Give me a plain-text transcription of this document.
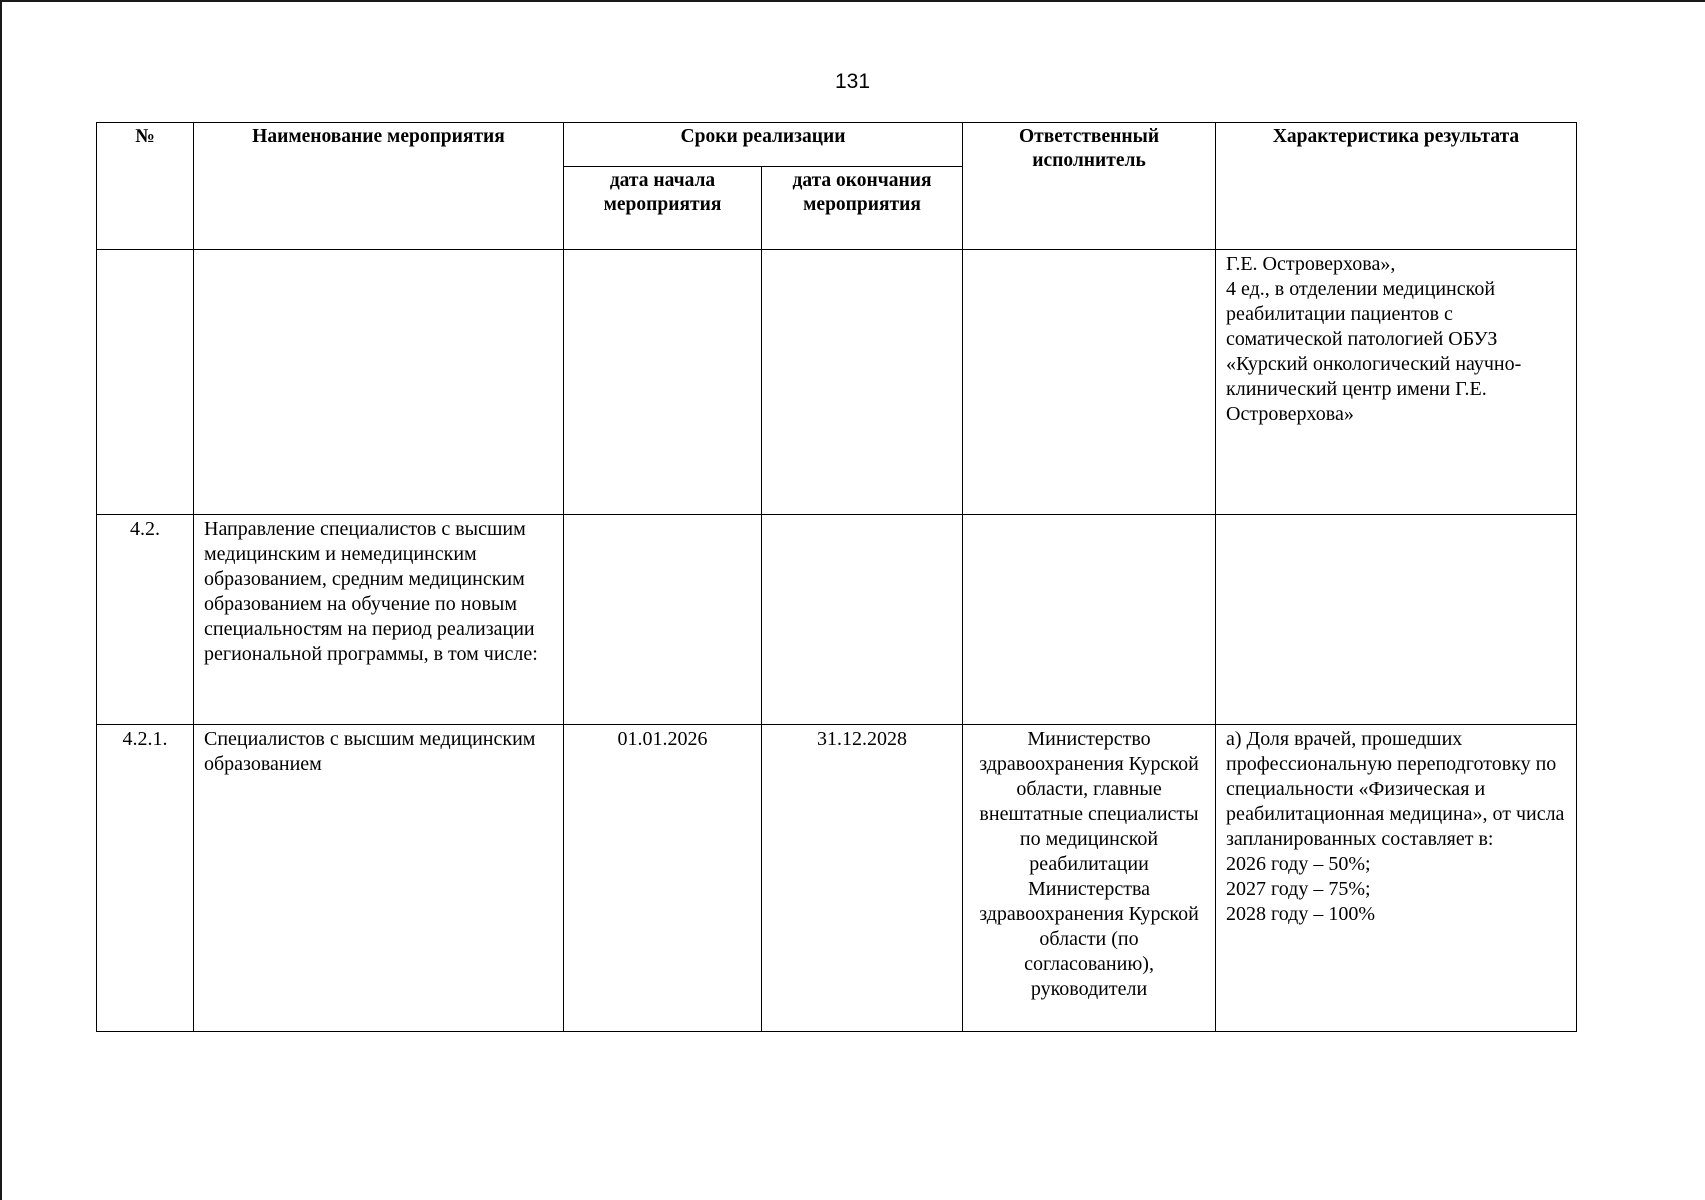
131
№	Наименование мероприятия	Сроки реализации		Ответственный исполнитель	Характеристика результата
		дата начала мероприятия	дата окончания мероприятия		
					Г.Е. Островерхова»,
4 ед., в отделении медицинской реабилитации пациентов с соматической патологией ОБУЗ «Курский онкологический научно-клинический центр имени Г.Е. Островерхова»
4.2.	Направление специалистов с высшим медицинским и немедицинским образованием, средним медицинским образованием на обучение по новым специальностям на период реализации региональной программы, в том числе:				
4.2.1.	Специалистов с высшим медицинским образованием	01.01.2026	31.12.2028	Министерство здравоохранения Курской области, главные внештатные специалисты по медицинской реабилитации Министерства здравоохранения Курской области (по согласованию), руководители	а) Доля врачей, прошедших профессиональную переподготовку по специальности «Физическая и реабилитационная медицина», от числа запланированных составляет в:
2026 году – 50%;
2027 году – 75%;
2028 году – 100%
